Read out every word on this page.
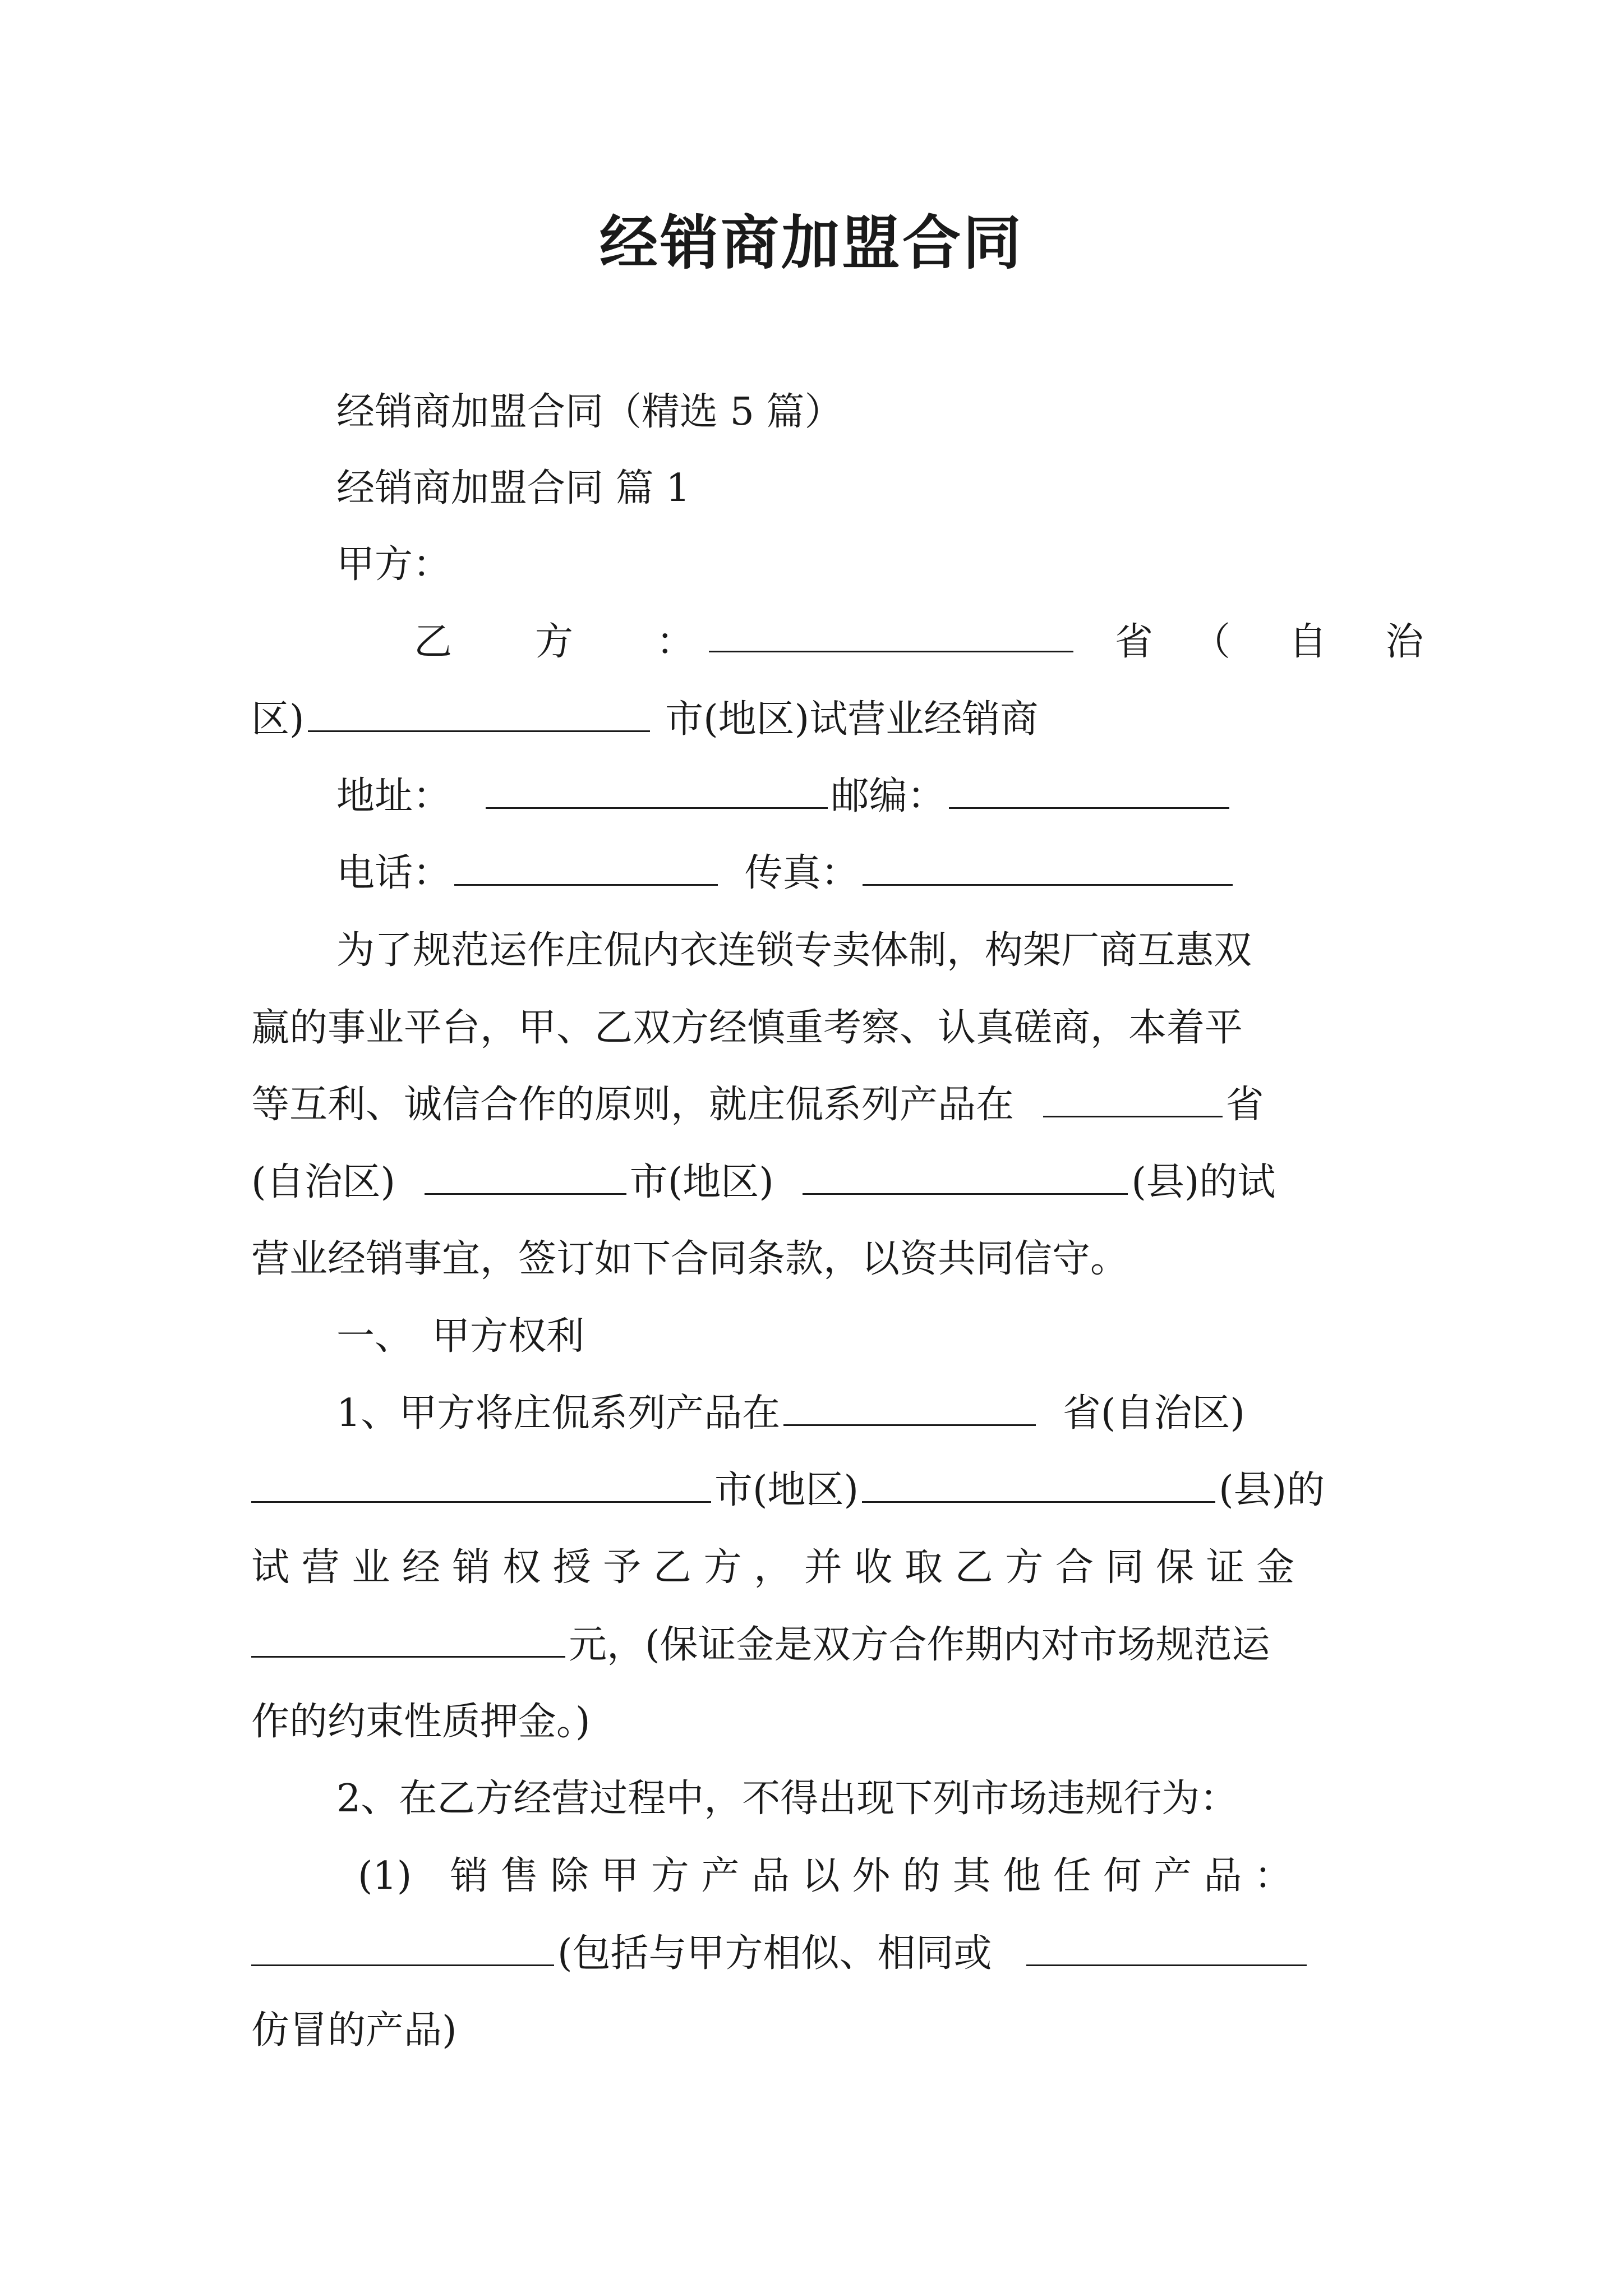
经销商加盟合同
经销商加盟合同（精选 5 篇）
经销商加盟合同 篇 1
甲方：
乙　方　：	省　（　自　治
区)	市(地区)试营业经销商
地址：	邮编：
电话：	传真：
为了规范运作庄侃内衣连锁专卖体制，构架厂商互惠双
赢的事业平台，甲、乙双方经慎重考察、认真磋商，本着平
等互利、诚信合作的原则，就庄侃系列产品在	省
(自治区)	市(地区)	(县)的试
营业经销事宜，签订如下合同条款，以资共同信守。
一、　甲方权利
1、甲方将庄侃系列产品在	省(自治区)
市(地区)	(县)的
试 营 业 经 销 权 授 予 乙 方 ， 并 收 取 乙 方 合 同 保 证 金
元，(保证金是双方合作期内对市场规范运
作的约束性质押金。)
2、在乙方经营过程中，不得出现下列市场违规行为：
(1)　销 售 除 甲 方 产 品 以 外 的 其 他 任 何 产 品 ：
(包括与甲方相似、相同或
仿冒的产品)
